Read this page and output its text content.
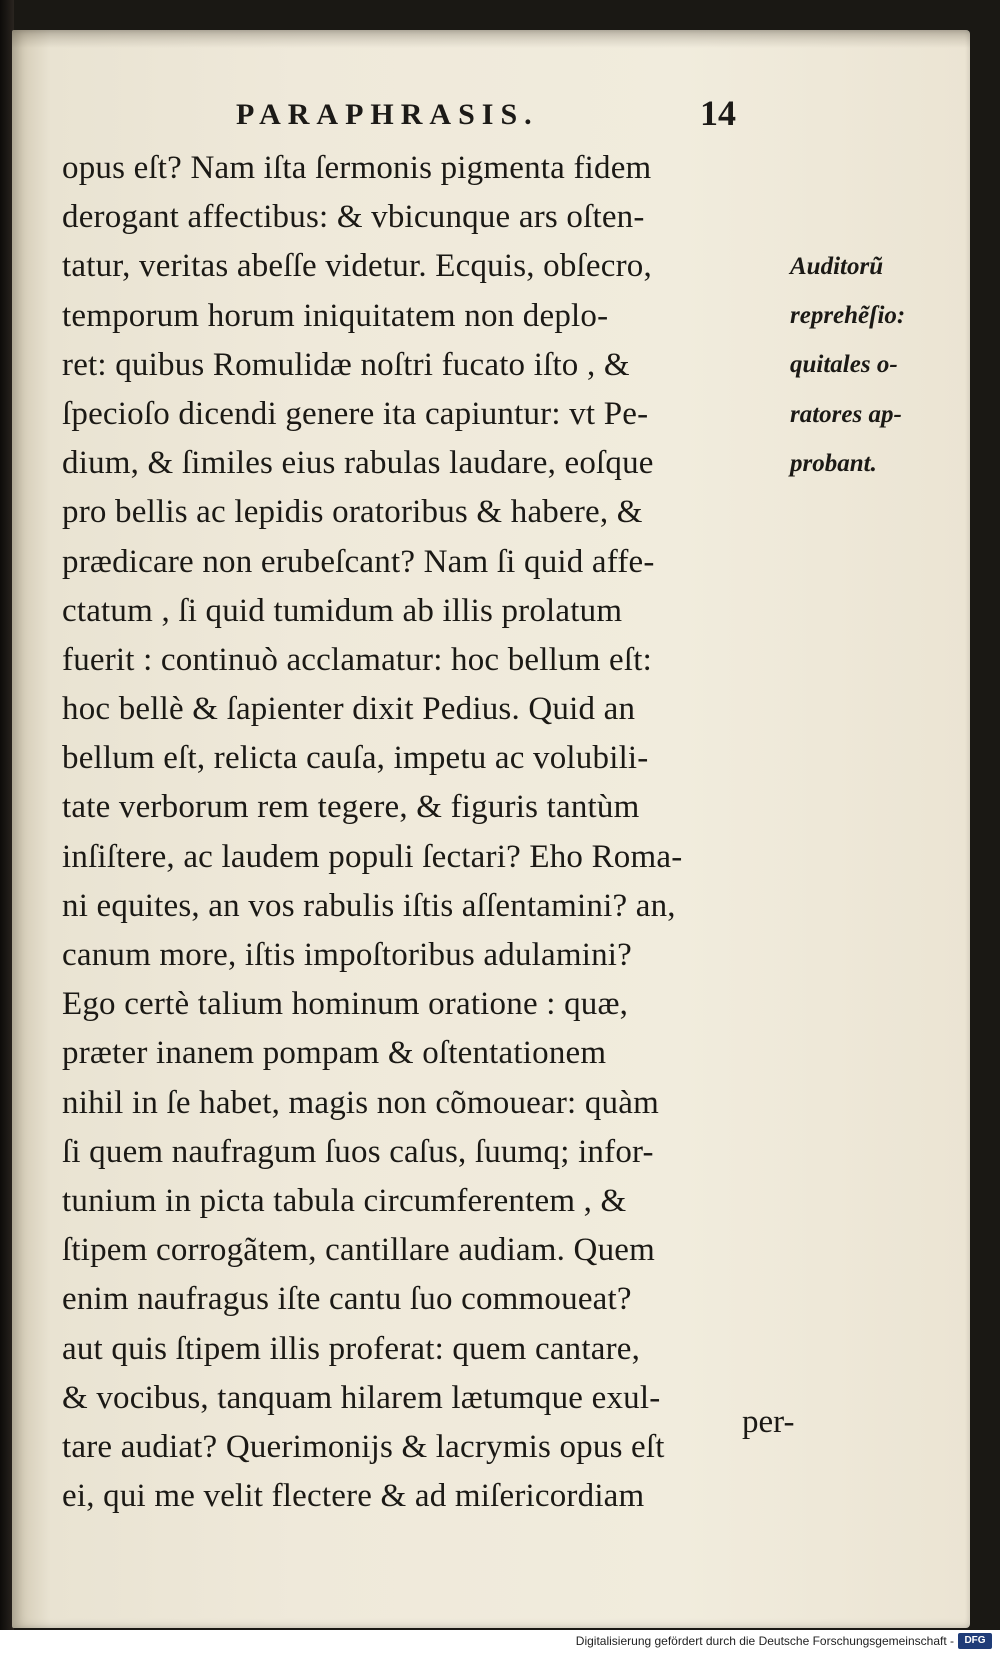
PARAPHRASIS.	14
opus eſt? Nam iſta ſermonis pigmenta fidem
derogant affectibus: & vbicunque ars oſten-
tatur, veritas abeſſe videtur. Ecquis, obſecro,
temporum horum iniquitatem non deplo-
ret: quibus Romulidæ noſtri fucato iſto , &
ſpecioſo dicendi genere ita capiuntur: vt Pe-
dium, & ſimiles eius rabulas laudare, eoſque
pro bellis ac lepidis oratoribus & habere, &
prædicare non erubeſcant? Nam ſi quid affe-
ctatum , ſi quid tumidum ab illis prolatum
fuerit : continuò acclamatur: hoc bellum eſt:
hoc bellè & ſapienter dixit Pedius. Quid an
bellum eſt, relicta cauſa, impetu ac volubili-
tate verborum rem tegere, & figuris tantùm
inſiſtere, ac laudem populi ſectari? Eho Roma-
ni equites, an vos rabulis iſtis aſſentamini? an,
canum more, iſtis impoſtoribus adulamini?
Ego certè talium hominum oratione : quæ,
præter inanem pompam & oſtentationem
nihil in ſe habet, magis non cõmouear: quàm
ſi quem naufragum ſuos caſus, ſuumq; infor-
tunium in picta tabula circumferentem , &
ſtipem corrogãtem, cantillare audiam. Quem
enim naufragus iſte cantu ſuo commoueat?
aut quis ſtipem illis proferat: quem cantare,
& vocibus, tanquam hilarem lætumque exul-
tare audiat? Querimonijs & lacrymis opus eſt
ei, qui me velit flectere & ad miſericordiam
per-
Auditorũ
reprehẽſio:
quitales o-
ratores ap-
probant.
Digitalisierung gefördert durch die Deutsche Forschungsgemeinschaft -	DFG
